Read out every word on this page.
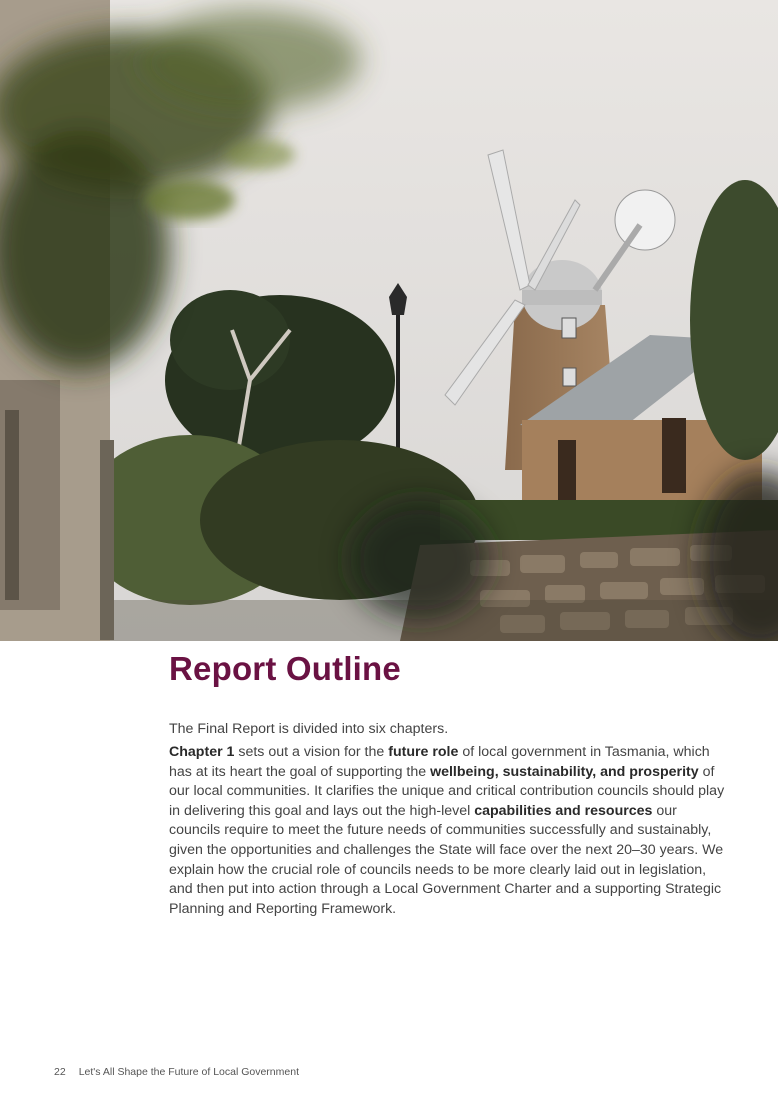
Report Outline

The Final Report is divided into six chapters.

Chapter 1 sets out a vision for the future role of local government in Tasmania, which has at its heart the goal of supporting the wellbeing, sustainability, and prosperity of our local communities. It clarifies the unique and critical contribution councils should play in delivering this goal and lays out the high-level capabilities and resources our councils require to meet the future needs of communities successfully and sustainably, given the opportunities and challenges the State will face over the next 20–30 years. We explain how the crucial role of councils needs to be more clearly laid out in legislation, and then put into action through a Local Government Charter and a supporting Strategic Planning and Reporting Framework.

22 Let's All Shape the Future of Local Government
